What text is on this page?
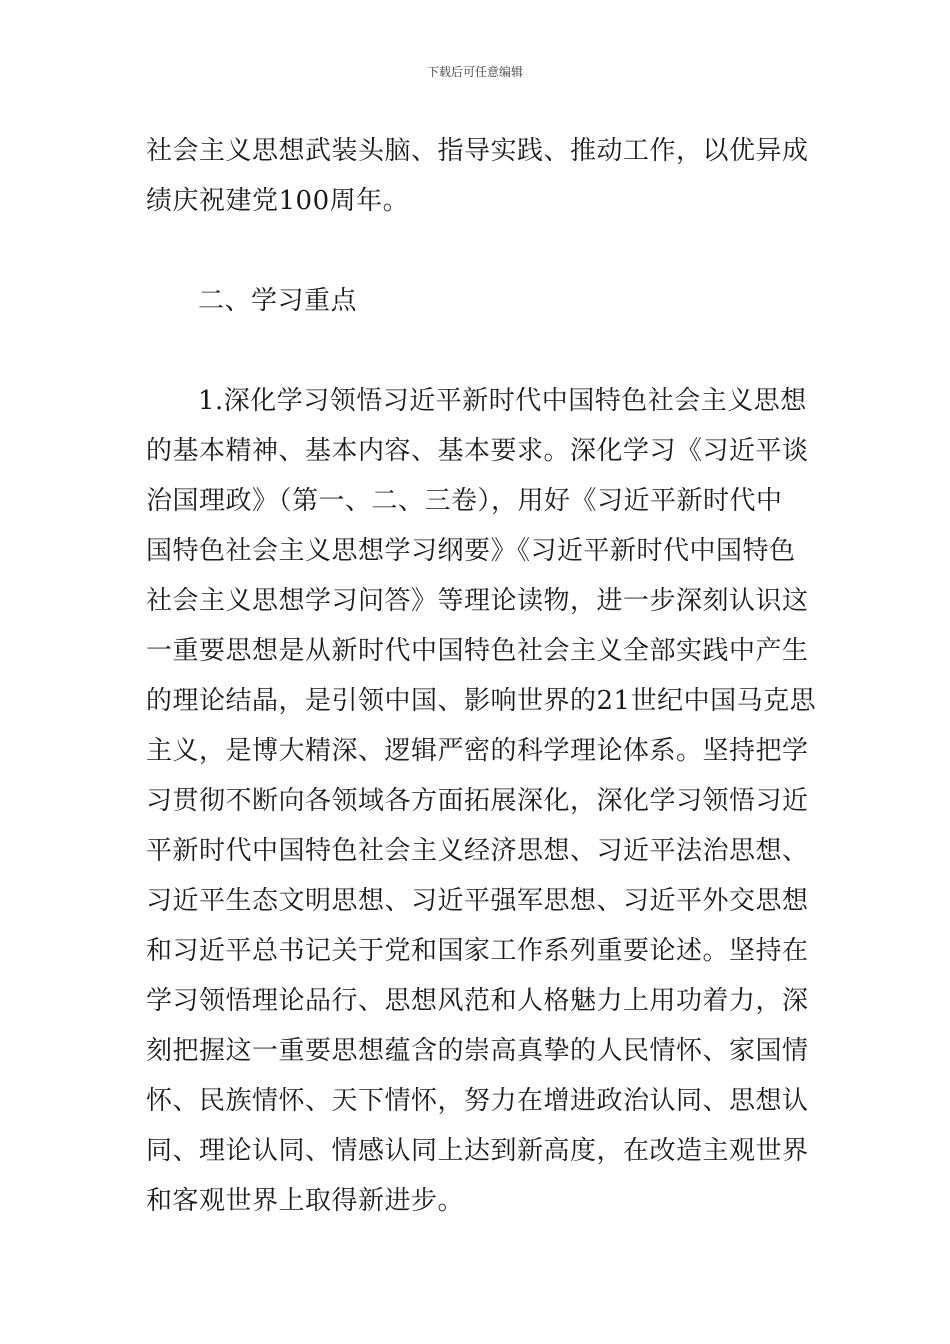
下载后可任意编辑

社会主义思想武装头脑、指导实践、推动工作，以优异成
绩庆祝建党100周年。

二、学习重点

1.深化学习领悟习近平新时代中国特色社会主义思想
的基本精神、基本内容、基本要求。深化学习《习近平谈
治国理政》（第一、二、三卷），用好《习近平新时代中
国特色社会主义思想学习纲要》《习近平新时代中国特色
社会主义思想学习问答》等理论读物，进一步深刻认识这
一重要思想是从新时代中国特色社会主义全部实践中产生
的理论结晶，是引领中国、影响世界的21世纪中国马克思
主义，是博大精深、逻辑严密的科学理论体系。坚持把学
习贯彻不断向各领域各方面拓展深化，深化学习领悟习近
平新时代中国特色社会主义经济思想、习近平法治思想、
习近平生态文明思想、习近平强军思想、习近平外交思想
和习近平总书记关于党和国家工作系列重要论述。坚持在
学习领悟理论品行、思想风范和人格魅力上用功着力，深
刻把握这一重要思想蕴含的崇高真挚的人民情怀、家国情
怀、民族情怀、天下情怀，努力在增进政治认同、思想认
同、理论认同、情感认同上达到新高度，在改造主观世界
和客观世界上取得新进步。
